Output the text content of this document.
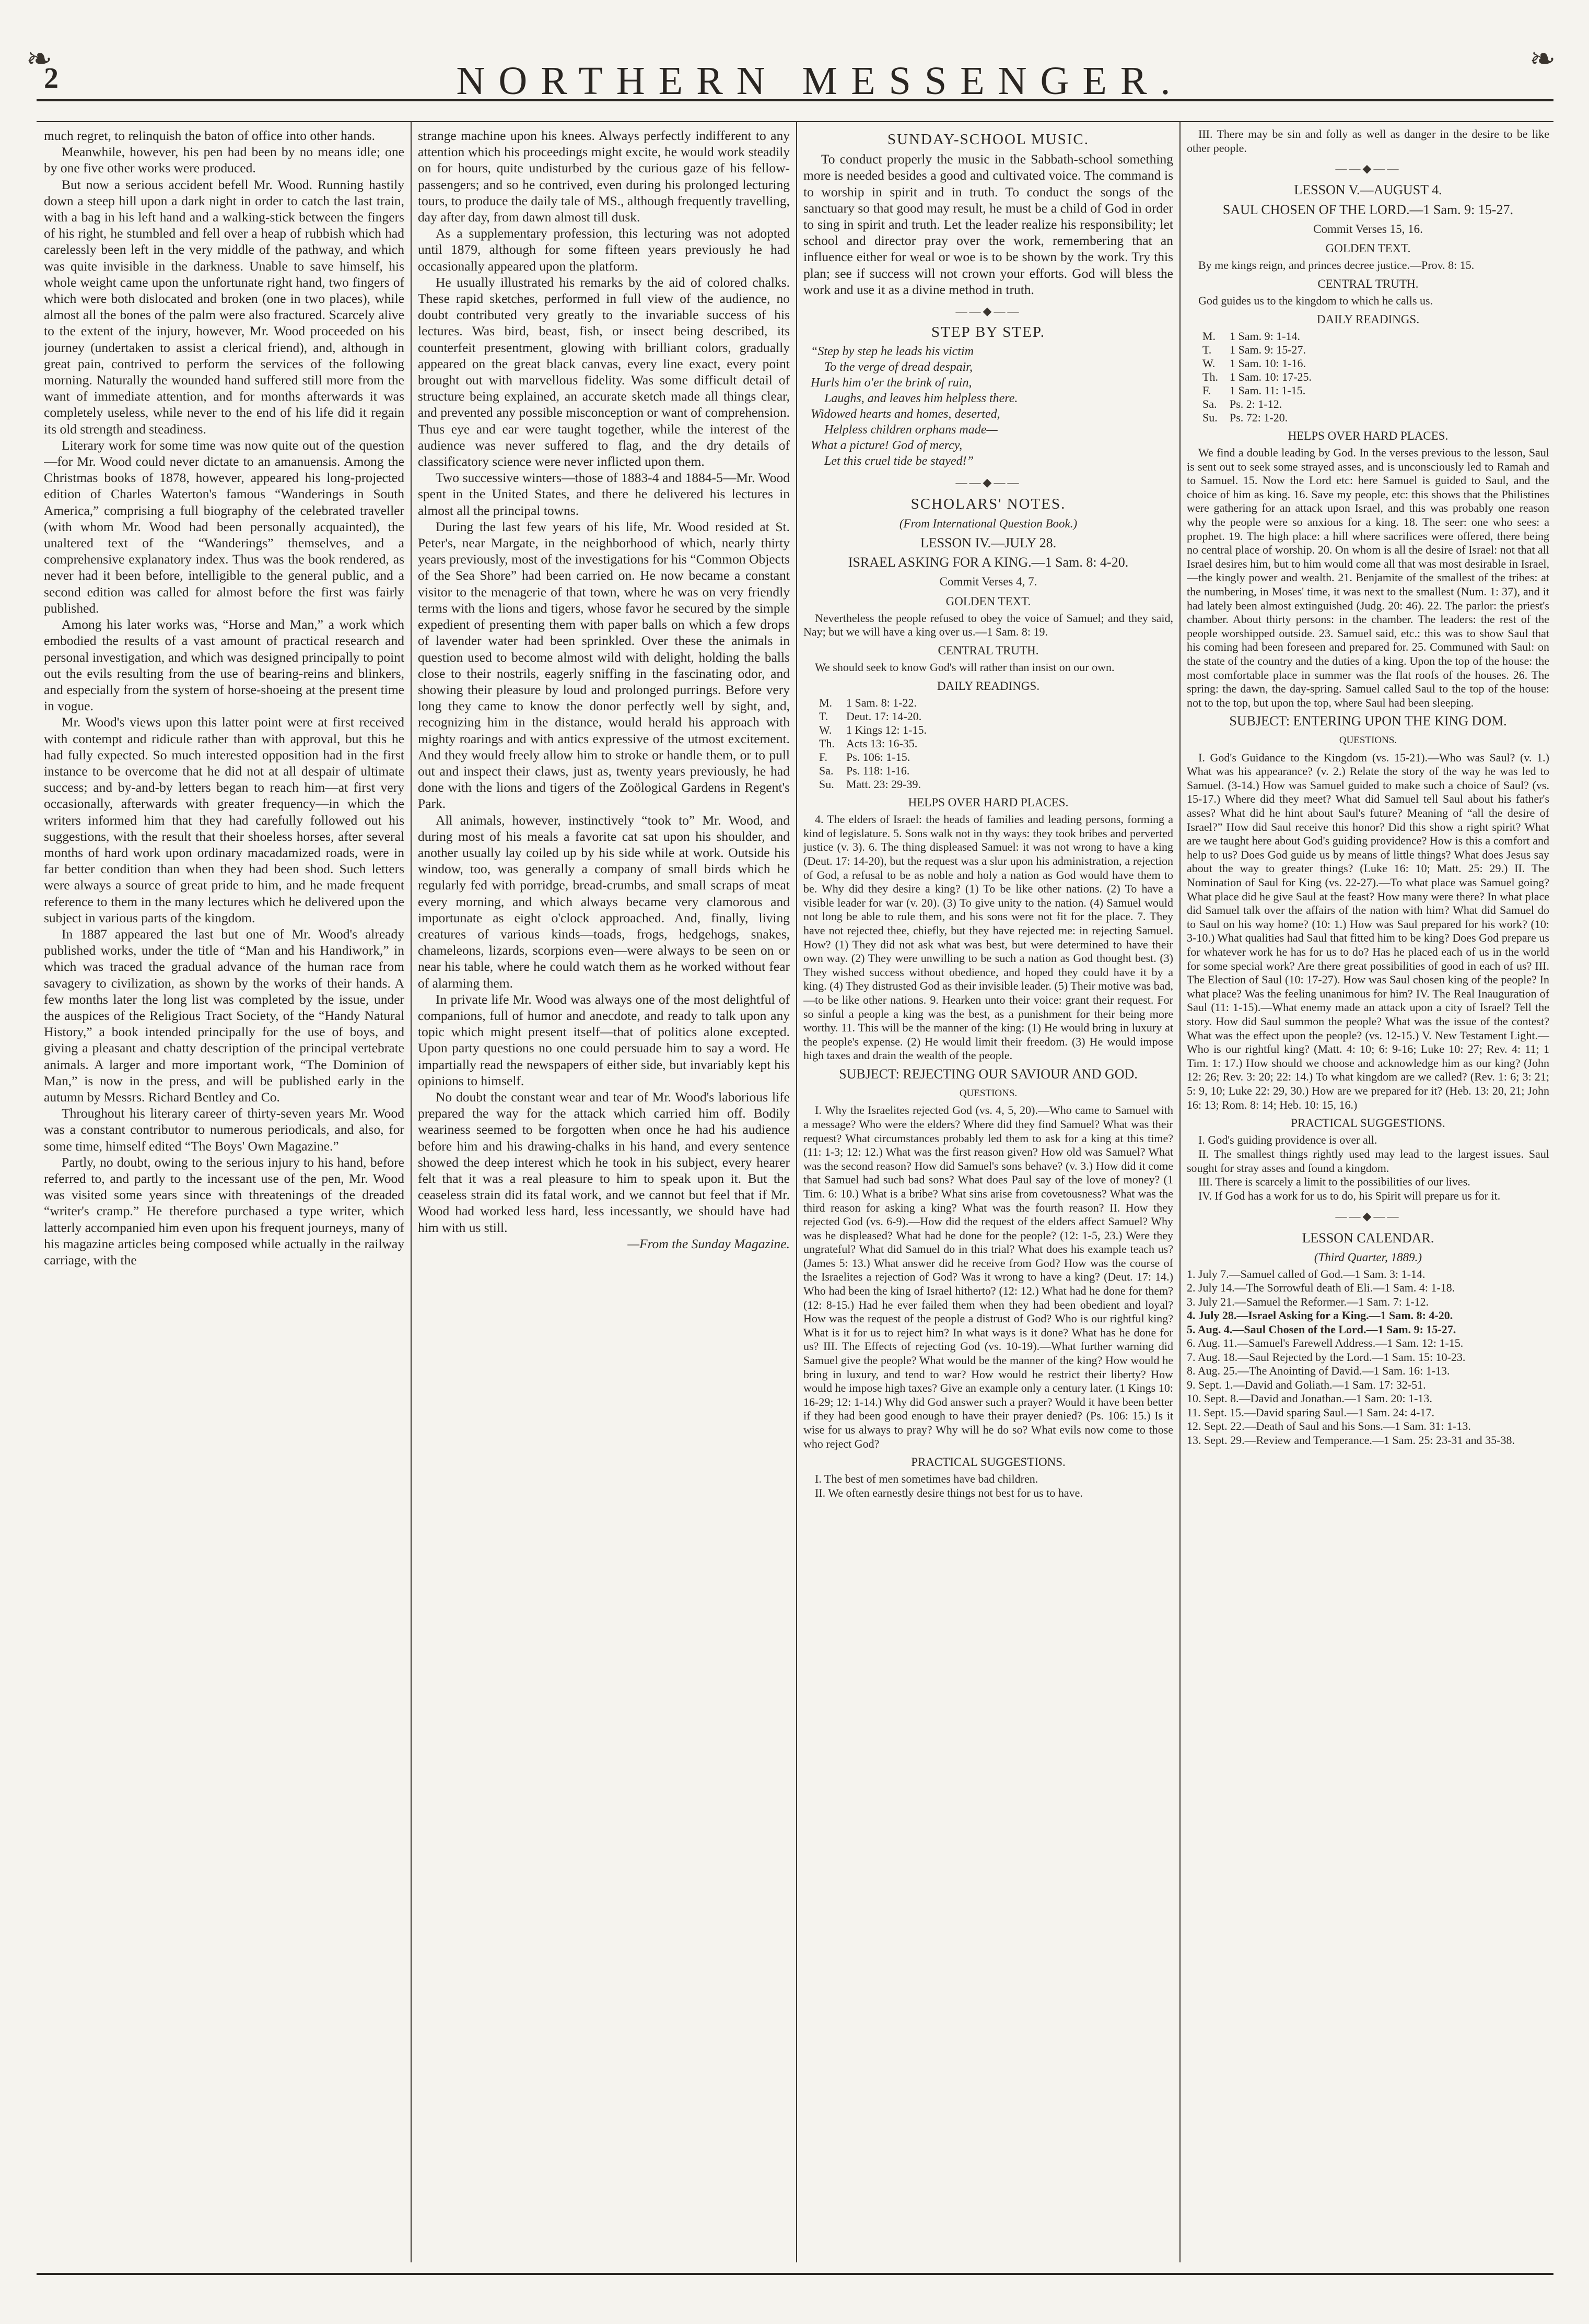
❧	❧
2	NORTHERN MESSENGER.

much regret, to relinquish the baton of office into other hands.

Meanwhile, however, his pen had been by no means idle; one by one five other works were produced.

But now a serious accident befell Mr. Wood. Running hastily down a steep hill upon a dark night in order to catch the last train, with a bag in his left hand and a walking-stick between the fingers of his right, he stumbled and fell over a heap of rubbish which had carelessly been left in the very middle of the pathway, and which was quite invisible in the darkness. Unable to save himself, his whole weight came upon the unfortunate right hand, two fingers of which were both dislocated and broken (one in two places), while almost all the bones of the palm were also fractured. Scarcely alive to the extent of the injury, however, Mr. Wood proceeded on his journey (undertaken to assist a clerical friend), and, although in great pain, contrived to perform the services of the following morning. Naturally the wounded hand suffered still more from the want of immediate attention, and for months afterwards it was completely useless, while never to the end of his life did it regain its old strength and steadiness.

Literary work for some time was now quite out of the question—for Mr. Wood could never dictate to an amanuensis. Among the Christmas books of 1878, however, appeared his long-projected edition of Charles Waterton's famous “Wanderings in South America,” comprising a full biography of the celebrated traveller (with whom Mr. Wood had been personally acquainted), the unaltered text of the “Wanderings” themselves, and a comprehensive explanatory index. Thus was the book rendered, as never had it been before, intelligible to the general public, and a second edition was called for almost before the first was fairly published.

Among his later works was, “Horse and Man,” a work which embodied the results of a vast amount of practical research and personal investigation, and which was designed principally to point out the evils resulting from the use of bearing-reins and blinkers, and especially from the system of horse-shoeing at the present time in vogue.

Mr. Wood's views upon this latter point were at first received with contempt and ridicule rather than with approval, but this he had fully expected. So much interested opposition had in the first instance to be overcome that he did not at all despair of ultimate success; and by-and-by letters began to reach him—at first very occasionally, afterwards with greater frequency—in which the writers informed him that they had carefully followed out his suggestions, with the result that their shoeless horses, after several months of hard work upon ordinary macadamized roads, were in far better condition than when they had been shod. Such letters were always a source of great pride to him, and he made frequent reference to them in the many lectures which he delivered upon the subject in various parts of the kingdom.

In 1887 appeared the last but one of Mr. Wood's already published works, under the title of “Man and his Handiwork,” in which was traced the gradual advance of the human race from savagery to civilization, as shown by the works of their hands. A few months later the long list was completed by the issue, under the auspices of the Religious Tract Society, of the “Handy Natural History,” a book intended principally for the use of boys, and giving a pleasant and chatty description of the principal vertebrate animals. A larger and more important work, “The Dominion of Man,” is now in the press, and will be published early in the autumn by Messrs. Richard Bentley and Co.

Throughout his literary career of thirty-seven years Mr. Wood was a constant contributor to numerous periodicals, and also, for some time, himself edited “The Boys' Own Magazine.”

Partly, no doubt, owing to the serious injury to his hand, before referred to, and partly to the incessant use of the pen, Mr. Wood was visited some years since with threatenings of the dreaded “writer's cramp.” He therefore purchased a type writer, which latterly accompanied him even upon his frequent journeys, many of his magazine articles being composed while actually in the railway carriage, with the

strange machine upon his knees. Always perfectly indifferent to any attention which his proceedings might excite, he would work steadily on for hours, quite undisturbed by the curious gaze of his fellow-passengers; and so he contrived, even during his prolonged lecturing tours, to produce the daily tale of MS., although frequently travelling, day after day, from dawn almost till dusk.

As a supplementary profession, this lecturing was not adopted until 1879, although for some fifteen years previously he had occasionally appeared upon the platform.

He usually illustrated his remarks by the aid of colored chalks. These rapid sketches, performed in full view of the audience, no doubt contributed very greatly to the invariable success of his lectures. Was bird, beast, fish, or insect being described, its counterfeit presentment, glowing with brilliant colors, gradually appeared on the great black canvas, every line exact, every point brought out with marvellous fidelity. Was some difficult detail of structure being explained, an accurate sketch made all things clear, and prevented any possible misconception or want of comprehension. Thus eye and ear were taught together, while the interest of the audience was never suffered to flag, and the dry details of classificatory science were never inflicted upon them.

Two successive winters—those of 1883-4 and 1884-5—Mr. Wood spent in the United States, and there he delivered his lectures in almost all the principal towns.

During the last few years of his life, Mr. Wood resided at St. Peter's, near Margate, in the neighborhood of which, nearly thirty years previously, most of the investigations for his “Common Objects of the Sea Shore” had been carried on. He now became a constant visitor to the menagerie of that town, where he was on very friendly terms with the lions and tigers, whose favor he secured by the simple expedient of presenting them with paper balls on which a few drops of lavender water had been sprinkled. Over these the animals in question used to become almost wild with delight, holding the balls close to their nostrils, eagerly sniffing in the fascinating odor, and showing their pleasure by loud and prolonged purrings. Before very long they came to know the donor perfectly well by sight, and, recognizing him in the distance, would herald his approach with mighty roarings and with antics expressive of the utmost excitement. And they would freely allow him to stroke or handle them, or to pull out and inspect their claws, just as, twenty years previously, he had done with the lions and tigers of the Zoölogical Gardens in Regent's Park.

All animals, however, instinctively “took to” Mr. Wood, and during most of his meals a favorite cat sat upon his shoulder, and another usually lay coiled up by his side while at work. Outside his window, too, was generally a company of small birds which he regularly fed with porridge, bread-crumbs, and small scraps of meat every morning, and which always became very clamorous and importunate as eight o'clock approached. And, finally, living creatures of various kinds—toads, frogs, hedgehogs, snakes, chameleons, lizards, scorpions even—were always to be seen on or near his table, where he could watch them as he worked without fear of alarming them.

In private life Mr. Wood was always one of the most delightful of companions, full of humor and anecdote, and ready to talk upon any topic which might present itself—that of politics alone excepted. Upon party questions no one could persuade him to say a word. He impartially read the newspapers of either side, but invariably kept his opinions to himself.

No doubt the constant wear and tear of Mr. Wood's laborious life prepared the way for the attack which carried him off. Bodily weariness seemed to be forgotten when once he had his audience before him and his drawing-chalks in his hand, and every sentence showed the deep interest which he took in his subject, every hearer felt that it was a real pleasure to him to speak upon it. But the ceaseless strain did its fatal work, and we cannot but feel that if Mr. Wood had worked less hard, less incessantly, we should have had him with us still.

—From the Sunday Magazine.

SUNDAY-SCHOOL MUSIC.

To conduct properly the music in the Sabbath-school something more is needed besides a good and cultivated voice. The command is to worship in spirit and in truth. To conduct the songs of the sanctuary so that good may result, he must be a child of God in order to sing in spirit and truth. Let the leader realize his responsibility; let school and director pray over the work, remembering that an influence either for weal or woe is to be shown by the work. Try this plan; see if success will not crown your efforts. God will bless the work and use it as a divine method in truth.

——◆——
STEP BY STEP.

“Step by step he leads his victim

To the verge of dread despair,

Hurls him o'er the brink of ruin,

Laughs, and leaves him helpless there.

Widowed hearts and homes, deserted,

Helpless children orphans made—

What a picture! God of mercy,

Let this cruel tide be stayed!”

——◆——
SCHOLARS' NOTES.
(From International Question Book.)
LESSON IV.—JULY 28.
ISRAEL ASKING FOR A KING.—1 Sam. 8: 4-20.
Commit Verses 4, 7.
GOLDEN TEXT.

Nevertheless the people refused to obey the voice of Samuel; and they said, Nay; but we will have a king over us.—1 Sam. 8: 19.

CENTRAL TRUTH.

We should seek to know God's will rather than insist on our own.

DAILY READINGS.
M.	1 Sam. 8: 1-22.
T.	Deut. 17: 14-20.
W.	1 Kings 12: 1-15.
Th.	Acts 13: 16-35.
F.	Ps. 106: 1-15.
Sa.	Ps. 118: 1-16.
Su.	Matt. 23: 29-39.
HELPS OVER HARD PLACES.

4. The elders of Israel: the heads of families and leading persons, forming a kind of legislature. 5. Sons walk not in thy ways: they took bribes and perverted justice (v. 3). 6. The thing displeased Samuel: it was not wrong to have a king (Deut. 17: 14-20), but the request was a slur upon his administration, a rejection of God, a refusal to be as noble and holy a nation as God would have them to be. Why did they desire a king? (1) To be like other nations. (2) To have a visible leader for war (v. 20). (3) To give unity to the nation. (4) Samuel would not long be able to rule them, and his sons were not fit for the place. 7. They have not rejected thee, chiefly, but they have rejected me: in rejecting Samuel. How? (1) They did not ask what was best, but were determined to have their own way. (2) They were unwilling to be such a nation as God thought best. (3) They wished success without obedience, and hoped they could have it by a king. (4) They distrusted God as their invisible leader. (5) Their motive was bad,—to be like other nations. 9. Hearken unto their voice: grant their request. For so sinful a people a king was the best, as a punishment for their being more worthy. 11. This will be the manner of the king: (1) He would bring in luxury at the people's expense. (2) He would limit their freedom. (3) He would impose high taxes and drain the wealth of the people.

SUBJECT: REJECTING OUR SAVIOUR AND GOD.
QUESTIONS.

I. Why the Israelites rejected God (vs. 4, 5, 20).—Who came to Samuel with a message? Who were the elders? Where did they find Samuel? What was their request? What circumstances probably led them to ask for a king at this time? (11: 1-3; 12: 12.) What was the first reason given? How old was Samuel? What was the second reason? How did Samuel's sons behave? (v. 3.) How did it come that Samuel had such bad sons? What does Paul say of the love of money? (1 Tim. 6: 10.) What is a bribe? What sins arise from covetousness? What was the third reason for asking a king? What was the fourth reason? II. How they rejected God (vs. 6-9).—How did the request of the elders affect Samuel? Why was he displeased? What had he done for the people? (12: 1-5, 23.) Were they ungrateful? What did Samuel do in this trial? What does his example teach us? (James 5: 13.) What answer did he receive from God? How was the course of the Israelites a rejection of God? Was it wrong to have a king? (Deut. 17: 14.) Who had been the king of Israel hitherto? (12: 12.) What had he done for them? (12: 8-15.) Had he ever failed them when they had been obedient and loyal? How was the request of the people a distrust of God? Who is our rightful king? What is it for us to reject him? In what ways is it done? What has he done for us? III. The Effects of rejecting God (vs. 10-19).—What further warning did Samuel give the people? What would be the manner of the king? How would he bring in luxury, and tend to war? How would he restrict their liberty? How would he impose high taxes? Give an example only a century later. (1 Kings 10: 16-29; 12: 1-14.) Why did God answer such a prayer? Would it have been better if they had been good enough to have their prayer denied? (Ps. 106: 15.) Is it wise for us always to pray? Why will he do so? What evils now come to those who reject God?

PRACTICAL SUGGESTIONS.

I. The best of men sometimes have bad children.

II. We often earnestly desire things not best for us to have.

III. There may be sin and folly as well as danger in the desire to be like other people.

——◆——
LESSON V.—AUGUST 4.
SAUL CHOSEN OF THE LORD.—1 Sam. 9: 15-27.
Commit Verses 15, 16.
GOLDEN TEXT.

By me kings reign, and princes decree justice.—Prov. 8: 15.

CENTRAL TRUTH.

God guides us to the kingdom to which he calls us.

DAILY READINGS.
M.	1 Sam. 9: 1-14.
T.	1 Sam. 9: 15-27.
W.	1 Sam. 10: 1-16.
Th.	1 Sam. 10: 17-25.
F.	1 Sam. 11: 1-15.
Sa.	Ps. 2: 1-12.
Su.	Ps. 72: 1-20.
HELPS OVER HARD PLACES.

We find a double leading by God. In the verses previous to the lesson, Saul is sent out to seek some strayed asses, and is unconsciously led to Ramah and to Samuel. 15. Now the Lord etc: here Samuel is guided to Saul, and the choice of him as king. 16. Save my people, etc: this shows that the Philistines were gathering for an attack upon Israel, and this was probably one reason why the people were so anxious for a king. 18. The seer: one who sees: a prophet. 19. The high place: a hill where sacrifices were offered, there being no central place of worship. 20. On whom is all the desire of Israel: not that all Israel desires him, but to him would come all that was most desirable in Israel,—the kingly power and wealth. 21. Benjamite of the smallest of the tribes: at the numbering, in Moses' time, it was next to the smallest (Num. 1: 37), and it had lately been almost extinguished (Judg. 20: 46). 22. The parlor: the priest's chamber. About thirty persons: in the chamber. The leaders: the rest of the people worshipped outside. 23. Samuel said, etc.: this was to show Saul that his coming had been foreseen and prepared for. 25. Communed with Saul: on the state of the country and the duties of a king. Upon the top of the house: the most comfortable place in summer was the flat roofs of the houses. 26. The spring: the dawn, the day-spring. Samuel called Saul to the top of the house: not to the top, but upon the top, where Saul had been sleeping.

SUBJECT: ENTERING UPON THE KING DOM.
QUESTIONS.

I. God's Guidance to the Kingdom (vs. 15-21).—Who was Saul? (v. 1.) What was his appearance? (v. 2.) Relate the story of the way he was led to Samuel. (3-14.) How was Samuel guided to make such a choice of Saul? (vs. 15-17.) Where did they meet? What did Samuel tell Saul about his father's asses? What did he hint about Saul's future? Meaning of “all the desire of Israel?” How did Saul receive this honor? Did this show a right spirit? What are we taught here about God's guiding providence? How is this a comfort and help to us? Does God guide us by means of little things? What does Jesus say about the way to greater things? (Luke 16: 10; Matt. 25: 29.) II. The Nomination of Saul for King (vs. 22-27).—To what place was Samuel going? What place did he give Saul at the feast? How many were there? In what place did Samuel talk over the affairs of the nation with him? What did Samuel do to Saul on his way home? (10: 1.) How was Saul prepared for his work? (10: 3-10.) What qualities had Saul that fitted him to be king? Does God prepare us for whatever work he has for us to do? Has he placed each of us in the world for some special work? Are there great possibilities of good in each of us? III. The Election of Saul (10: 17-27). How was Saul chosen king of the people? In what place? Was the feeling unanimous for him? IV. The Real Inauguration of Saul (11: 1-15).—What enemy made an attack upon a city of Israel? Tell the story. How did Saul summon the people? What was the issue of the contest? What was the effect upon the people? (vs. 12-15.) V. New Testament Light.—Who is our rightful king? (Matt. 4: 10; 6: 9-16; Luke 10: 27; Rev. 4: 11; 1 Tim. 1: 17.) How should we choose and acknowledge him as our king? (John 12: 26; Rev. 3: 20; 22: 14.) To what kingdom are we called? (Rev. 1: 6; 3: 21; 5: 9, 10; Luke 22: 29, 30.) How are we prepared for it? (Heb. 13: 20, 21; John 16: 13; Rom. 8: 14; Heb. 10: 15, 16.)

PRACTICAL SUGGESTIONS.

I. God's guiding providence is over all.

II. The smallest things rightly used may lead to the largest issues. Saul sought for stray asses and found a kingdom.

III. There is scarcely a limit to the possibilities of our lives.

IV. If God has a work for us to do, his Spirit will prepare us for it.

——◆——
LESSON CALENDAR.
(Third Quarter, 1889.)
1. July 7.—Samuel called of God.—1 Sam. 3: 1-14.
2. July 14.—The Sorrowful death of Eli.—1 Sam. 4: 1-18.
3. July 21.—Samuel the Reformer.—1 Sam. 7: 1-12.
4. July 28.—Israel Asking for a King.—1 Sam. 8: 4-20.
5. Aug. 4.—Saul Chosen of the Lord.—1 Sam. 9: 15-27.
6. Aug. 11.—Samuel's Farewell Address.—1 Sam. 12: 1-15.
7. Aug. 18.—Saul Rejected by the Lord.—1 Sam. 15: 10-23.
8. Aug. 25.—The Anointing of David.—1 Sam. 16: 1-13.
9. Sept. 1.—David and Goliath.—1 Sam. 17: 32-51.
10. Sept. 8.—David and Jonathan.—1 Sam. 20: 1-13.
11. Sept. 15.—David sparing Saul.—1 Sam. 24: 4-17.
12. Sept. 22.—Death of Saul and his Sons.—1 Sam. 31: 1-13.
13. Sept. 29.—Review and Temperance.—1 Sam. 25: 23-31 and 35-38.
